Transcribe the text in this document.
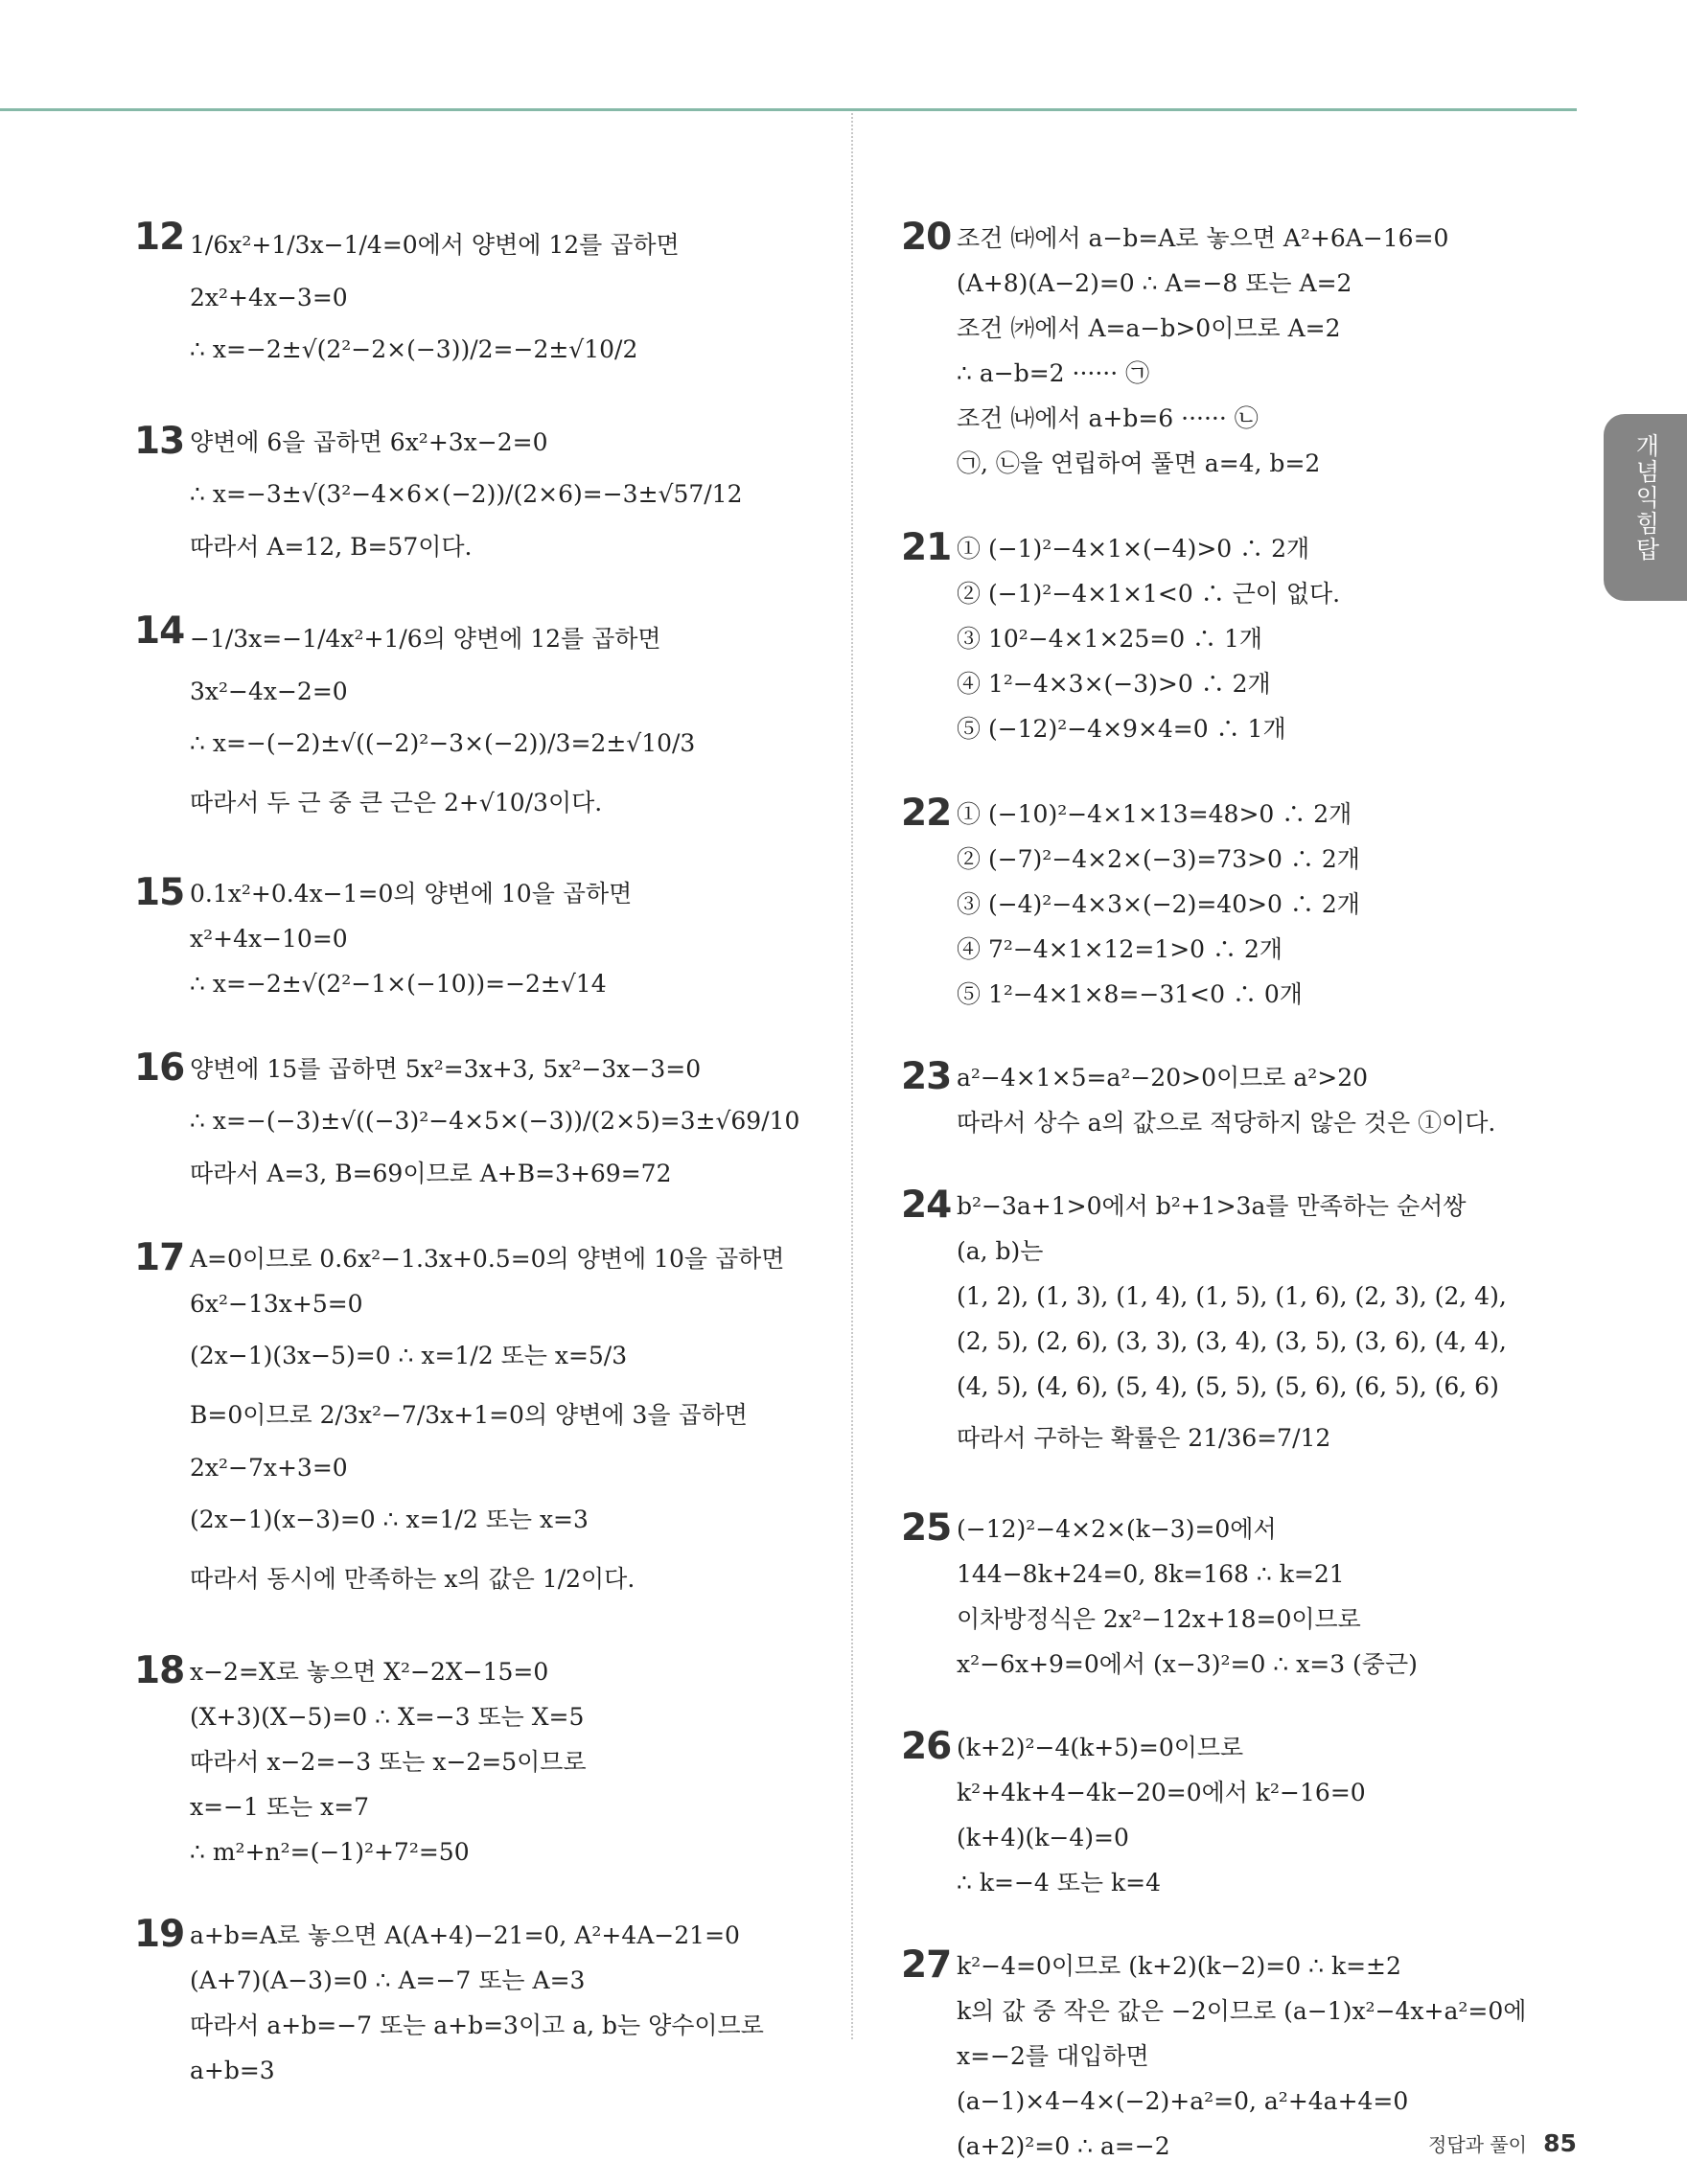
12 1/6x²+1/3x−1/4=0에서 양변에 12를 곱하면
2x²+4x−3=0
∴ x=−2±√(2²−2×(−3))/2=−2±√10/2
13 양변에 6을 곱하면 6x²+3x−2=0
∴ x=−3±√(3²−4×6×(−2))/(2×6)=−3±√57/12
따라서 A=12, B=57이다.
14 −1/3x=−1/4x²+1/6의 양변에 12를 곱하면
3x²−4x−2=0
∴ x=−(−2)±√((−2)²−3×(−2))/3=2±√10/3
따라서 두 근 중 큰 근은 2+√10/3이다.
15 0.1x²+0.4x−1=0의 양변에 10을 곱하면
x²+4x−10=0
∴ x=−2±√(2²−1×(−10))=−2±√14
16 양변에 15를 곱하면 5x²=3x+3, 5x²−3x−3=0
∴ x=−(−3)±√((−3)²−4×5×(−3))/(2×5)=3±√69/10
따라서 A=3, B=69이므로 A+B=3+69=72
17 A=0이므로 0.6x²−1.3x+0.5=0의 양변에 10을 곱하면
6x²−13x+5=0
(2x−1)(3x−5)=0 ∴ x=1/2 또는 x=5/3
B=0이므로 2/3x²−7/3x+1=0의 양변에 3을 곱하면
2x²−7x+3=0
(2x−1)(x−3)=0 ∴ x=1/2 또는 x=3
따라서 동시에 만족하는 x의 값은 1/2이다.
18 x−2=X로 놓으면 X²−2X−15=0
(X+3)(X−5)=0 ∴ X=−3 또는 X=5
따라서 x−2=−3 또는 x−2=5이므로
x=−1 또는 x=7
∴ m²+n²=(−1)²+7²=50
19 a+b=A로 놓으면 A(A+4)−21=0, A²+4A−21=0
(A+7)(A−3)=0 ∴ A=−7 또는 A=3
따라서 a+b=−7 또는 a+b=3이고 a, b는 양수이므로
a+b=3
20 조건 ㈐에서 a−b=A로 놓으면 A²+6A−16=0
(A+8)(A−2)=0 ∴ A=−8 또는 A=2
조건 ㈎에서 A=a−b>0이므로 A=2
∴ a−b=2 ······ ㉠
조건 ㈏에서 a+b=6 ······ ㉡
㉠, ㉡을 연립하여 풀면 a=4, b=2
21 ① (−1)²−4×1×(−4)>0 ∴ 2개
② (−1)²−4×1×1<0 ∴ 근이 없다.
③ 10²−4×1×25=0 ∴ 1개
④ 1²−4×3×(−3)>0 ∴ 2개
⑤ (−12)²−4×9×4=0 ∴ 1개
22 ① (−10)²−4×1×13=48>0 ∴ 2개
② (−7)²−4×2×(−3)=73>0 ∴ 2개
③ (−4)²−4×3×(−2)=40>0 ∴ 2개
④ 7²−4×1×12=1>0 ∴ 2개
⑤ 1²−4×1×8=−31<0 ∴ 0개
23 a²−4×1×5=a²−20>0이므로 a²>20
따라서 상수 a의 값으로 적당하지 않은 것은 ①이다.
24 b²−3a+1>0에서 b²+1>3a를 만족하는 순서쌍
(a, b)는
(1, 2), (1, 3), (1, 4), (1, 5), (1, 6), (2, 3), (2, 4),
(2, 5), (2, 6), (3, 3), (3, 4), (3, 5), (3, 6), (4, 4),
(4, 5), (4, 6), (5, 4), (5, 5), (5, 6), (6, 5), (6, 6)
따라서 구하는 확률은 21/36=7/12
25 (−12)²−4×2×(k−3)=0에서
144−8k+24=0, 8k=168 ∴ k=21
이차방정식은 2x²−12x+18=0이므로
x²−6x+9=0에서 (x−3)²=0 ∴ x=3 (중근)
26 (k+2)²−4(k+5)=0이므로
k²+4k+4−4k−20=0에서 k²−16=0
(k+4)(k−4)=0
∴ k=−4 또는 k=4
27 k²−4=0이므로 (k+2)(k−2)=0 ∴ k=±2
k의 값 중 작은 값은 −2이므로 (a−1)x²−4x+a²=0에
x=−2를 대입하면
(a−1)×4−4×(−2)+a²=0, a²+4a+4=0
(a+2)²=0 ∴ a=−2
개념익힘탑
정답과 풀이 85
